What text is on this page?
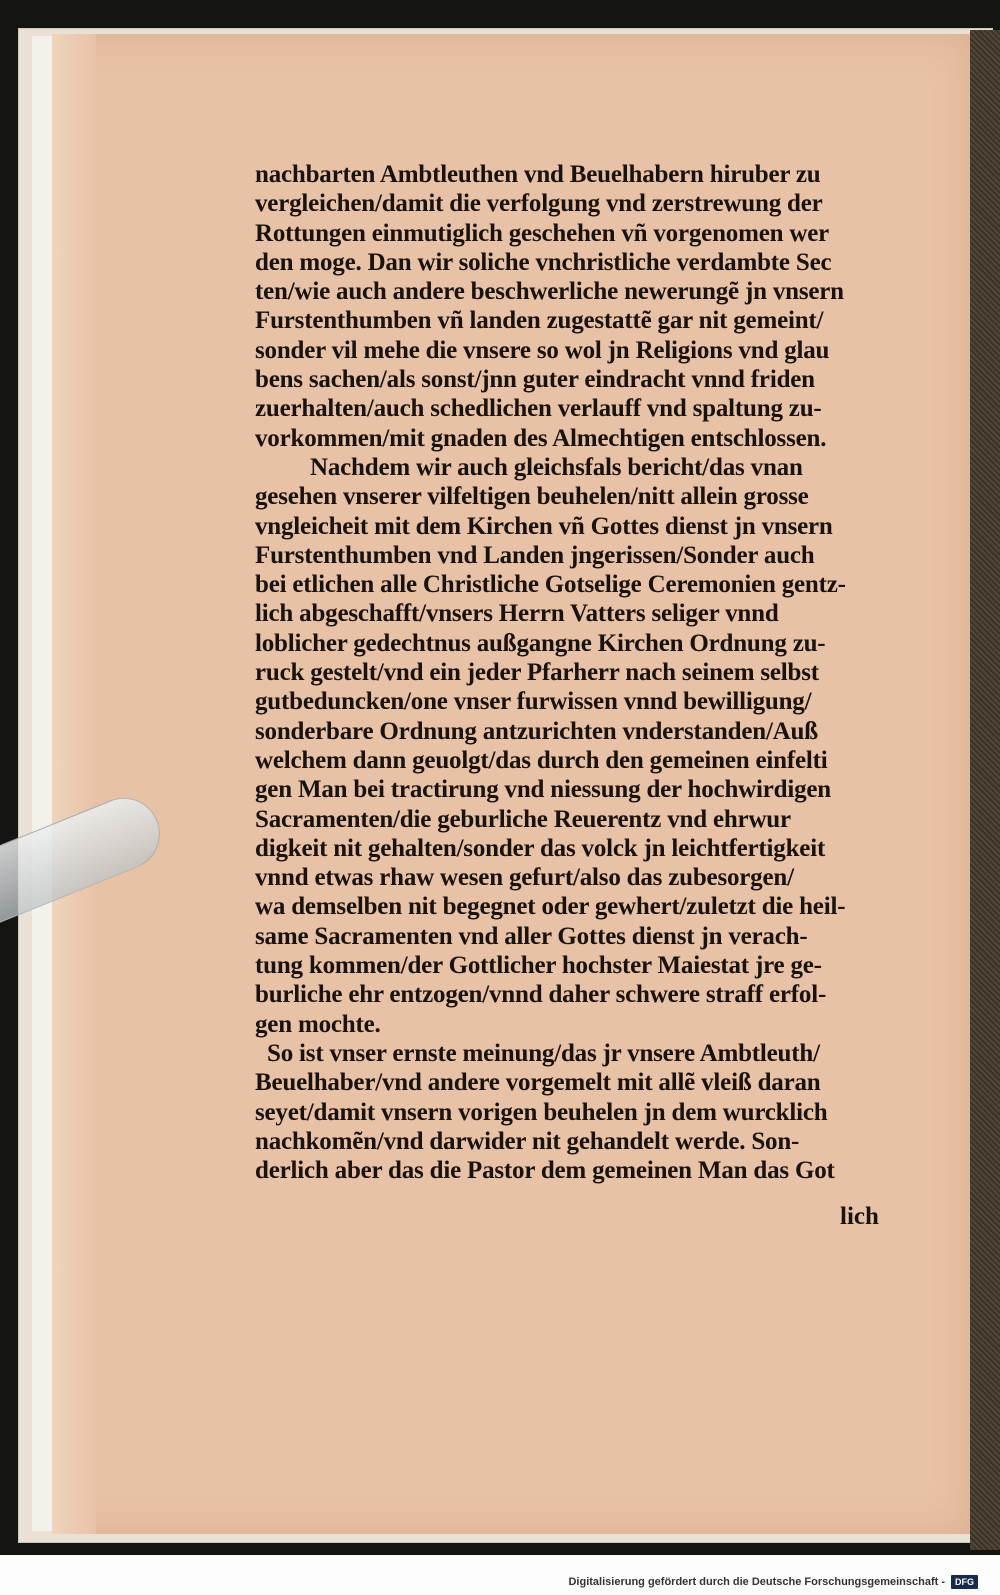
nachbarten Ambtleuthen vnd Beuelhabern hiruber zu
vergleichen/damit die verfolgung vnd zerstrewung der
Rottungen einmutiglich geschehen vñ vorgenomen wer
den moge. Dan wir soliche vnchristliche verdambte Sec
ten/wie auch andere beschwerliche newerungẽ jn vnsern
Furstenthumben vñ landen zugestattẽ gar nit gemeint/
sonder vil mehe die vnsere so wol jn Religions vnd glau
bens sachen/als sonst/jnn guter eindracht vnnd friden
zuerhalten/auch schedlichen verlauff vnd spaltung zu-
vorkommen/mit gnaden des Almechtigen entschlossen.
Nachdem wir auch gleichsfals bericht/das vnan
gesehen vnserer vilfeltigen beuhelen/nitt allein grosse
vngleicheit mit dem Kirchen vñ Gottes dienst jn vnsern
Furstenthumben vnd Landen jngerissen/Sonder auch
bei etlichen alle Christliche Gotselige Ceremonien gentz-
lich abgeschafft/vnsers Herrn Vatters seliger vnnd
loblicher gedechtnus außgangne Kirchen Ordnung zu-
ruck gestelt/vnd ein jeder Pfarherr nach seinem selbst
gutbeduncken/one vnser furwissen vnnd bewilligung/
sonderbare Ordnung antzurichten vnderstanden/Auß
welchem dann geuolgt/das durch den gemeinen einfelti
gen Man bei tractirung vnd niessung der hochwirdigen
Sacramenten/die geburliche Reuerentz vnd ehrwur
digkeit nit gehalten/sonder das volck jn leichtfertigkeit
vnnd etwas rhaw wesen gefurt/also das zubesorgen/
wa demselben nit begegnet oder gewhert/zuletzt die heil-
same Sacramenten vnd aller Gottes dienst jn verach-
tung kommen/der Gottlicher hochster Maiestat jre ge-
burliche ehr entzogen/vnnd daher schwere straff erfol-
gen mochte.
So ist vnser ernste meinung/das jr vnsere Ambtleuth/
Beuelhaber/vnd andere vorgemelt mit allẽ vleiß daran
seyet/damit vnsern vorigen beuhelen jn dem wurcklich
nachkomẽn/vnd darwider nit gehandelt werde. Son-
derlich aber das die Pastor dem gemeinen Man das Got
lich
Digitalisierung gefördert durch die Deutsche Forschungsgemeinschaft -	DFG
